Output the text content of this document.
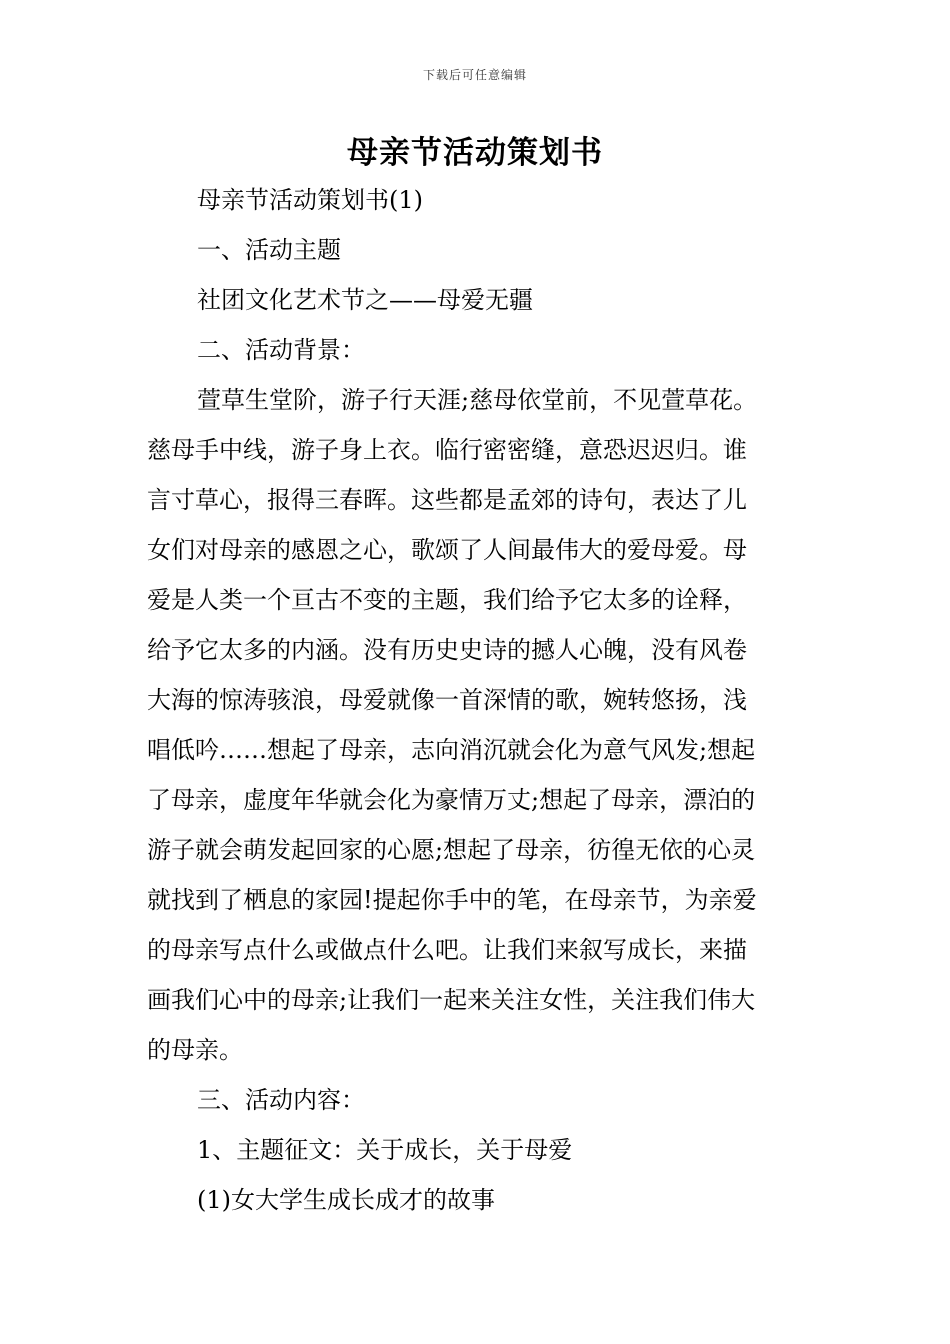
下载后可任意编辑
母亲节活动策划书
母亲节活动策划书(1)
一、活动主题
社团文化艺术节之——母爱无疆
二、活动背景：
萱草生堂阶，游子行天涯;慈母依堂前，不见萱草花。
慈母手中线，游子身上衣。临行密密缝，意恐迟迟归。谁
言寸草心，报得三春晖。这些都是孟郊的诗句，表达了儿
女们对母亲的感恩之心，歌颂了人间最伟大的爱母爱。母
爱是人类一个亘古不变的主题，我们给予它太多的诠释，
给予它太多的内涵。没有历史史诗的撼人心魄，没有风卷
大海的惊涛骇浪，母爱就像一首深情的歌，婉转悠扬，浅
唱低吟……想起了母亲，志向消沉就会化为意气风发;想起
了母亲，虚度年华就会化为豪情万丈;想起了母亲，漂泊的
游子就会萌发起回家的心愿;想起了母亲，彷徨无依的心灵
就找到了栖息的家园!提起你手中的笔，在母亲节，为亲爱
的母亲写点什么或做点什么吧。让我们来叙写成长，来描
画我们心中的母亲;让我们一起来关注女性，关注我们伟大
的母亲。
三、活动内容：
1、主题征文：关于成长，关于母爱
(1)女大学生成长成才的故事
